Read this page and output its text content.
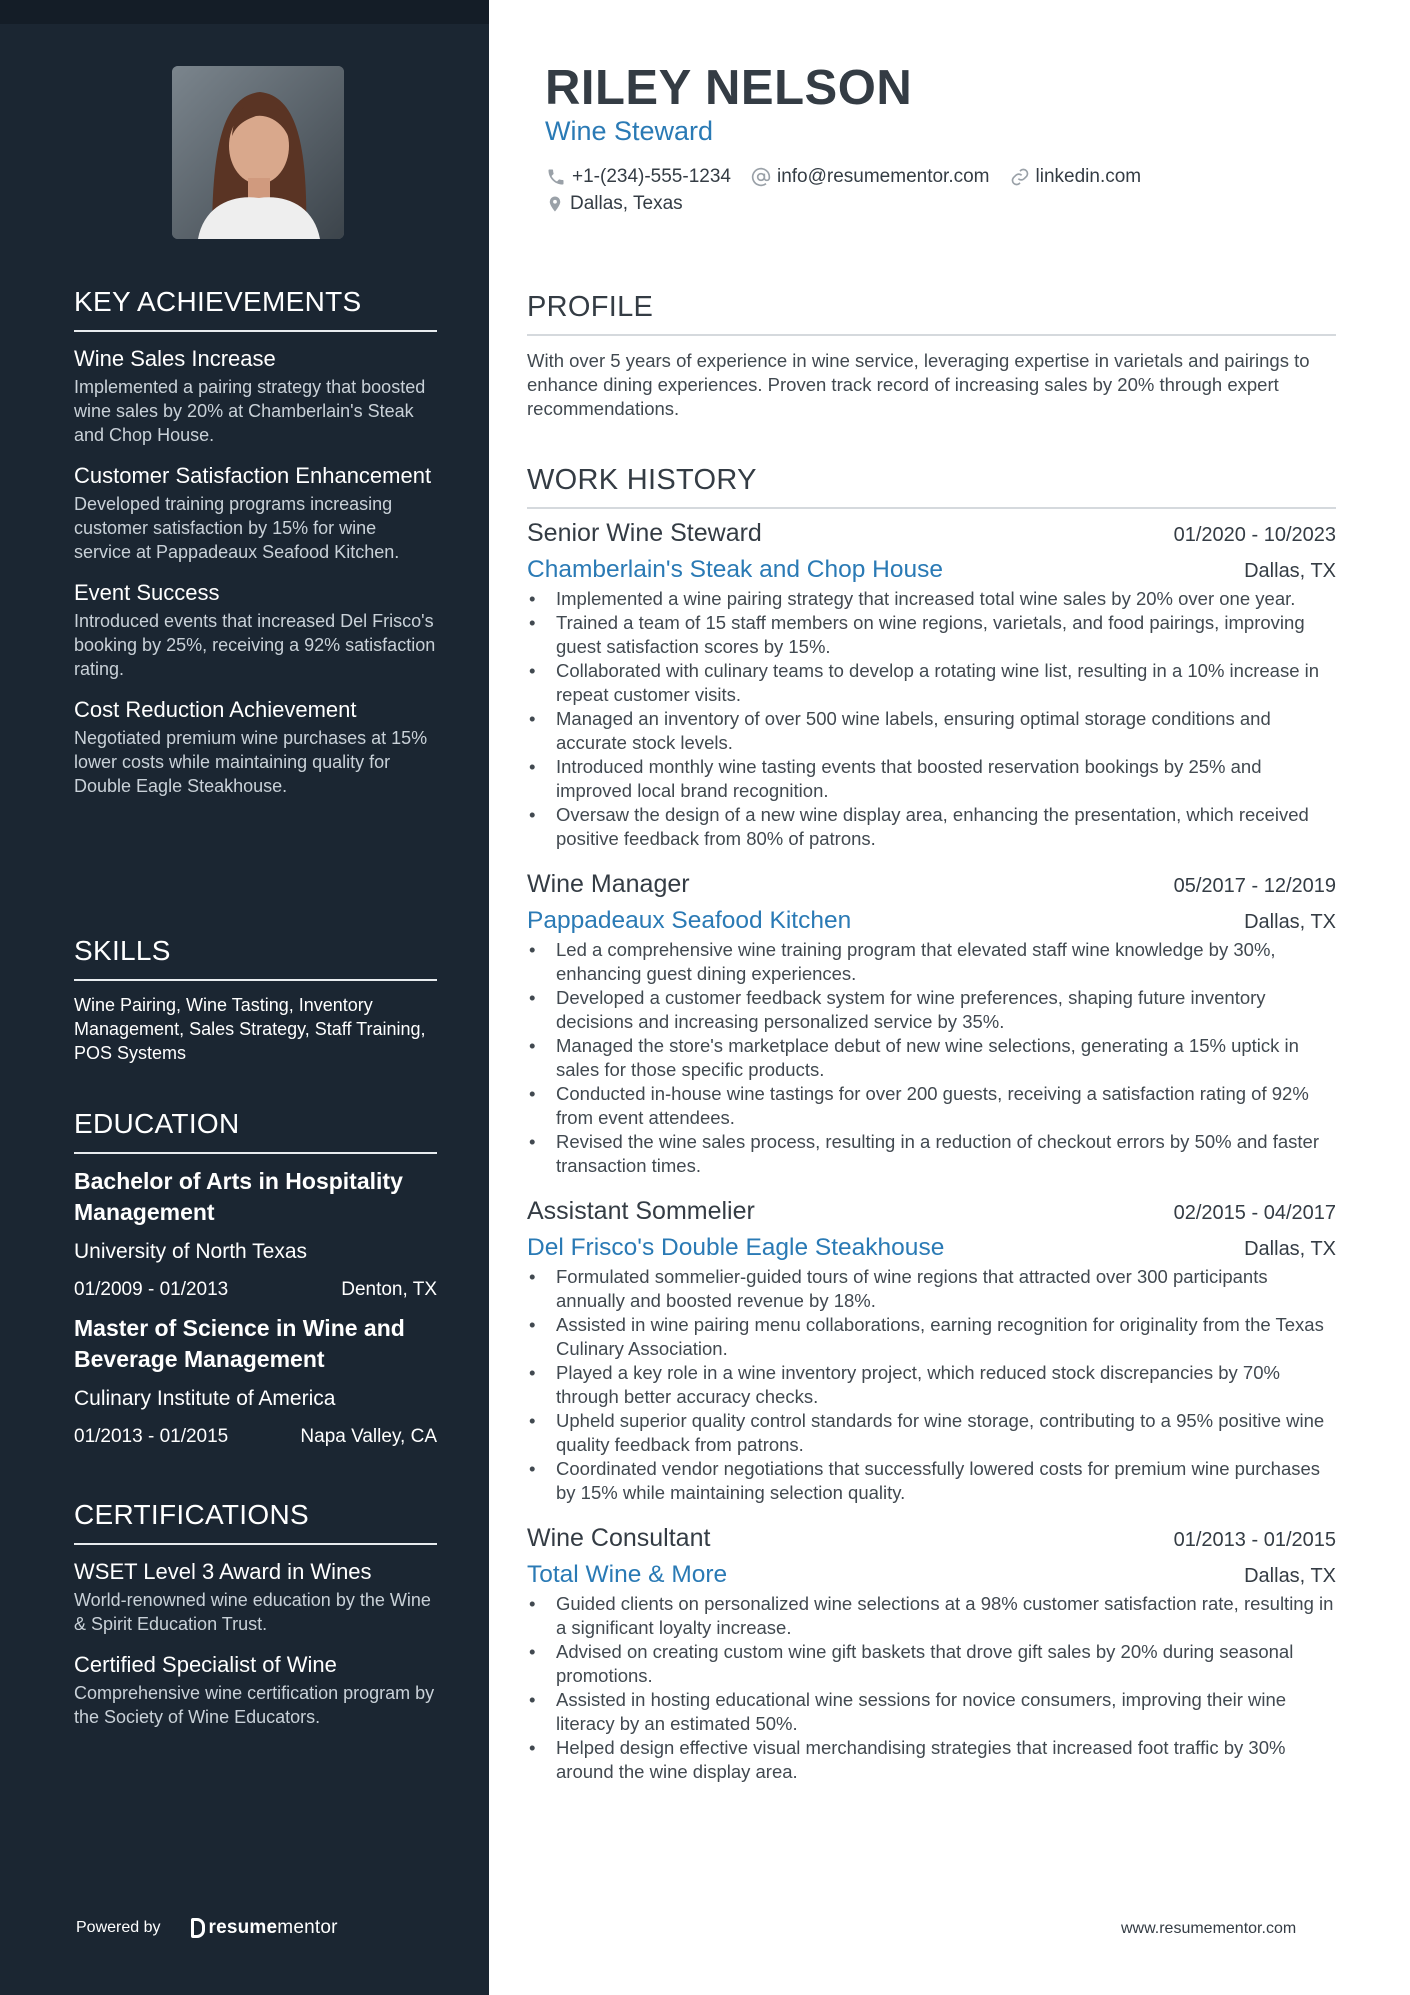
KEY ACHIEVEMENTS
Wine Sales Increase
Implemented a pairing strategy that boosted wine sales by 20% at Chamberlain's Steak and Chop House.
Customer Satisfaction Enhancement
Developed training programs increasing customer satisfaction by 15% for wine service at Pappadeaux Seafood Kitchen.
Event Success
Introduced events that increased Del Frisco's booking by 25%, receiving a 92% satisfaction rating.
Cost Reduction Achievement
Negotiated premium wine purchases at 15% lower costs while maintaining quality for Double Eagle Steakhouse.
SKILLS
Wine Pairing, Wine Tasting, Inventory Management, Sales Strategy, Staff Training, POS Systems
EDUCATION
Bachelor of Arts in Hospitality Management
University of North Texas
01/2009 - 01/2013	Denton, TX
Master of Science in Wine and Beverage Management
Culinary Institute of America
01/2013 - 01/2015	Napa Valley, CA
CERTIFICATIONS
WSET Level 3 Award in Wines
World-renowned wine education by the Wine & Spirit Education Trust.
Certified Specialist of Wine
Comprehensive wine certification program by the Society of Wine Educators.
Powered by	resume mentor
RILEY NELSON
Wine Steward
+1-(234)-555-1234 info@resumementor.com linkedin.com
Dallas, Texas
PROFILE

With over 5 years of experience in wine service, leveraging expertise in varietals and pairings to enhance dining experiences. Proven track record of increasing sales by 20% through expert recommendations.

WORK HISTORY
Senior Wine Steward	01/2020 - 10/2023
Chamberlain's Steak and Chop House	Dallas, TX
• Implemented a wine pairing strategy that increased total wine sales by 20% over one year.
• Trained a team of 15 staff members on wine regions, varietals, and food pairings, improving guest satisfaction scores by 15%.
• Collaborated with culinary teams to develop a rotating wine list, resulting in a 10% increase in repeat customer visits.
• Managed an inventory of over 500 wine labels, ensuring optimal storage conditions and accurate stock levels.
• Introduced monthly wine tasting events that boosted reservation bookings by 25% and improved local brand recognition.
• Oversaw the design of a new wine display area, enhancing the presentation, which received positive feedback from 80% of patrons.
Wine Manager	05/2017 - 12/2019
Pappadeaux Seafood Kitchen	Dallas, TX
• Led a comprehensive wine training program that elevated staff wine knowledge by 30%, enhancing guest dining experiences.
• Developed a customer feedback system for wine preferences, shaping future inventory decisions and increasing personalized service by 35%.
• Managed the store's marketplace debut of new wine selections, generating a 15% uptick in sales for those specific products.
• Conducted in-house wine tastings for over 200 guests, receiving a satisfaction rating of 92% from event attendees.
• Revised the wine sales process, resulting in a reduction of checkout errors by 50% and faster transaction times.
Assistant Sommelier	02/2015 - 04/2017
Del Frisco's Double Eagle Steakhouse	Dallas, TX
• Formulated sommelier-guided tours of wine regions that attracted over 300 participants annually and boosted revenue by 18%.
• Assisted in wine pairing menu collaborations, earning recognition for originality from the Texas Culinary Association.
• Played a key role in a wine inventory project, which reduced stock discrepancies by 70% through better accuracy checks.
• Upheld superior quality control standards for wine storage, contributing to a 95% positive wine quality feedback from patrons.
• Coordinated vendor negotiations that successfully lowered costs for premium wine purchases by 15% while maintaining selection quality.
Wine Consultant	01/2013 - 01/2015
Total Wine & More	Dallas, TX
• Guided clients on personalized wine selections at a 98% customer satisfaction rate, resulting in a significant loyalty increase.
• Advised on creating custom wine gift baskets that drove gift sales by 20% during seasonal promotions.
• Assisted in hosting educational wine sessions for novice consumers, improving their wine literacy by an estimated 50%.
• Helped design effective visual merchandising strategies that increased foot traffic by 30% around the wine display area.
www.resumementor.com
